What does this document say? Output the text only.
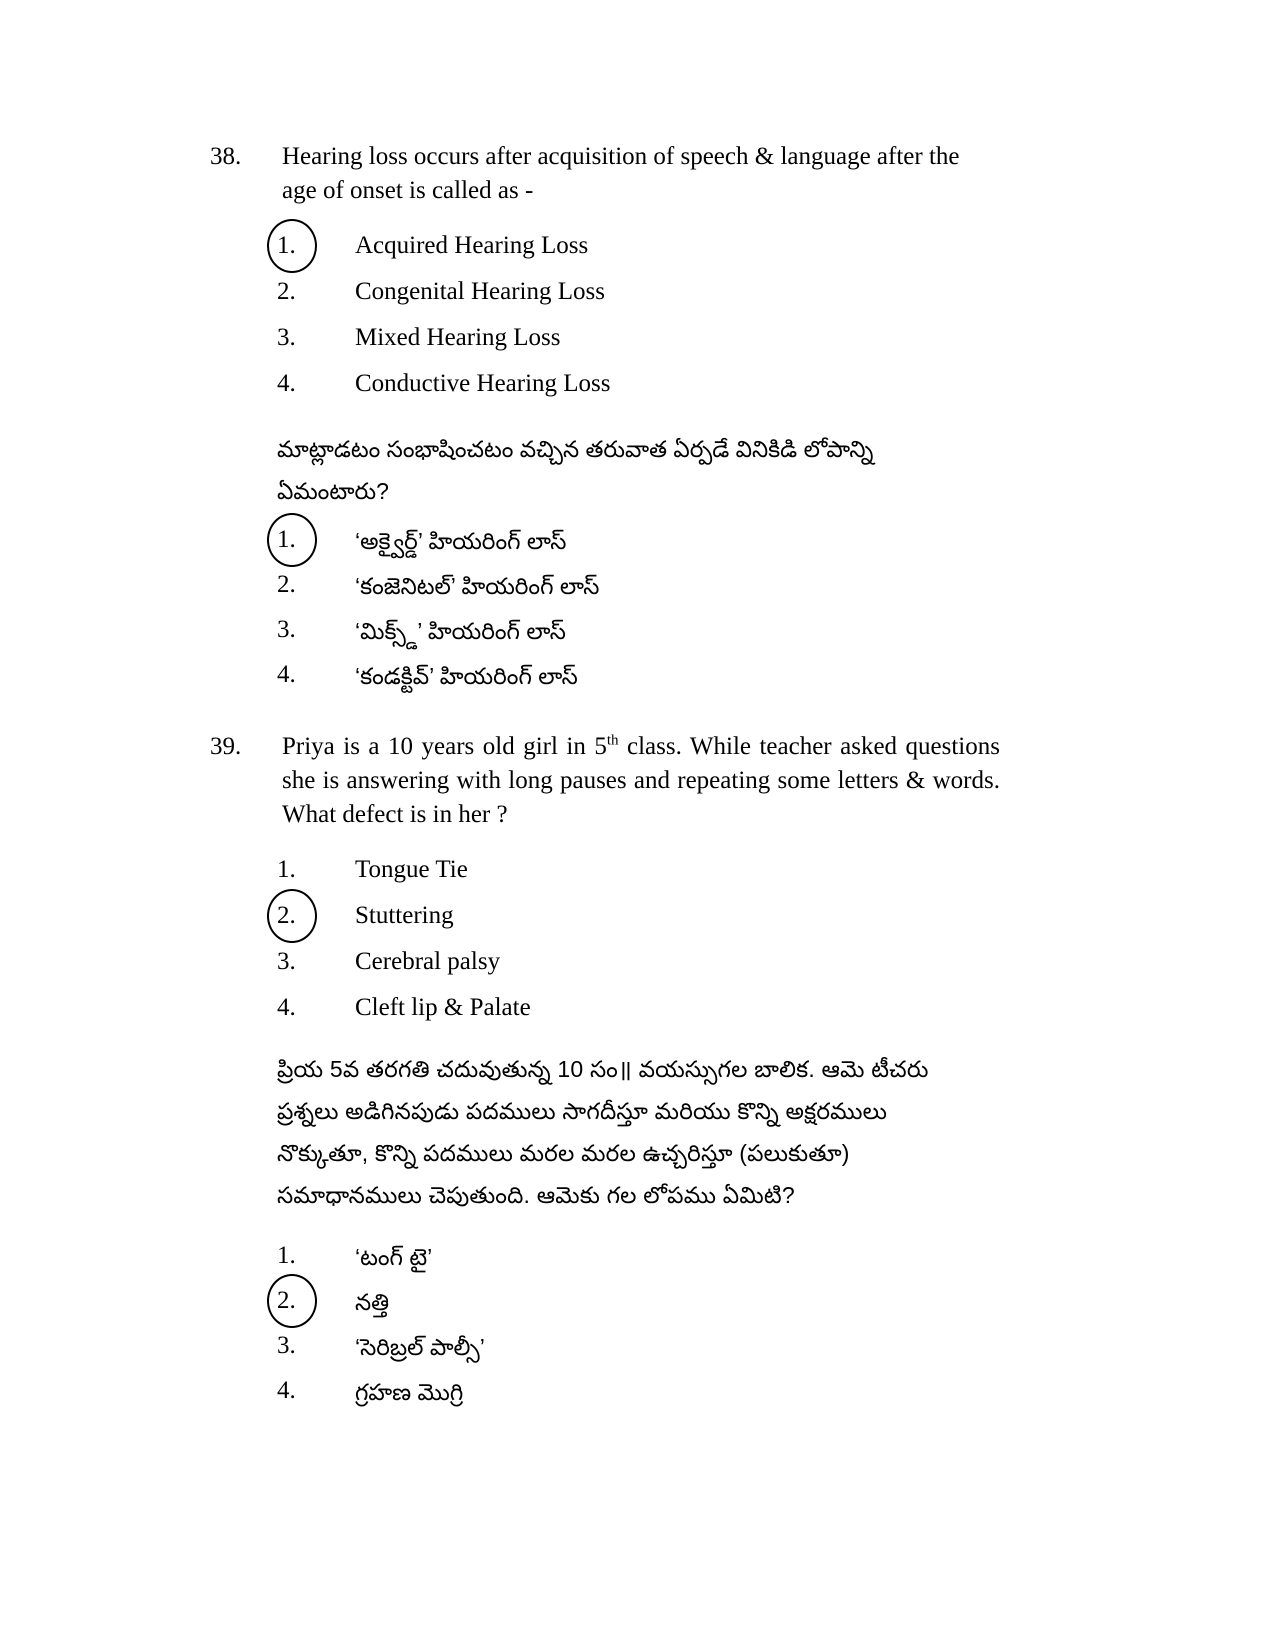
38.	Hearing loss occurs after acquisition of speech & language after the
age of onset is called as -
1.	Acquired Hearing Loss
2.	Congenital Hearing Loss
3.	Mixed Hearing Loss
4.	Conductive Hearing Loss
మాట్లాడటం సంభాషించటం వచ్చిన తరువాత ఏర్పడే వినికిడి లోపాన్ని
ఏమంటారు?
1.	‘అక్వైర్డ్’ హియరింగ్ లాస్
2.	‘కంజెనిటల్’ హియరింగ్ లాస్
3.	‘మిక్స్డ్’ హియరింగ్ లాస్
4.	‘కండక్టివ్’ హియరింగ్ లాస్
39.	Priya is a 10 years old girl in 5th class. While teacher asked questions she is answering with long pauses and repeating some letters & words. What defect is in her ?
1.	Tongue Tie
2.	Stuttering
3.	Cerebral palsy
4.	Cleft lip & Palate
ప్రియ 5వ తరగతి చదువుతున్న 10 సం॥ వయస్సుగల బాలిక. ఆమె టీచరు
ప్రశ్నలు అడిగినపుడు పదములు సాగదీస్తూ మరియు కొన్ని అక్షరములు
నొక్కుతూ, కొన్ని పదములు మరల మరల ఉచ్చరిస్తూ (పలుకుతూ)
సమాధానములు చెపుతుంది. ఆమెకు గల లోపము ఏమిటి?
1.	‘టంగ్ టై’
2.	నత్తి
3.	‘సెరిబ్రల్ పాల్సీ’
4.	గ్రహణ మొగ్రి
